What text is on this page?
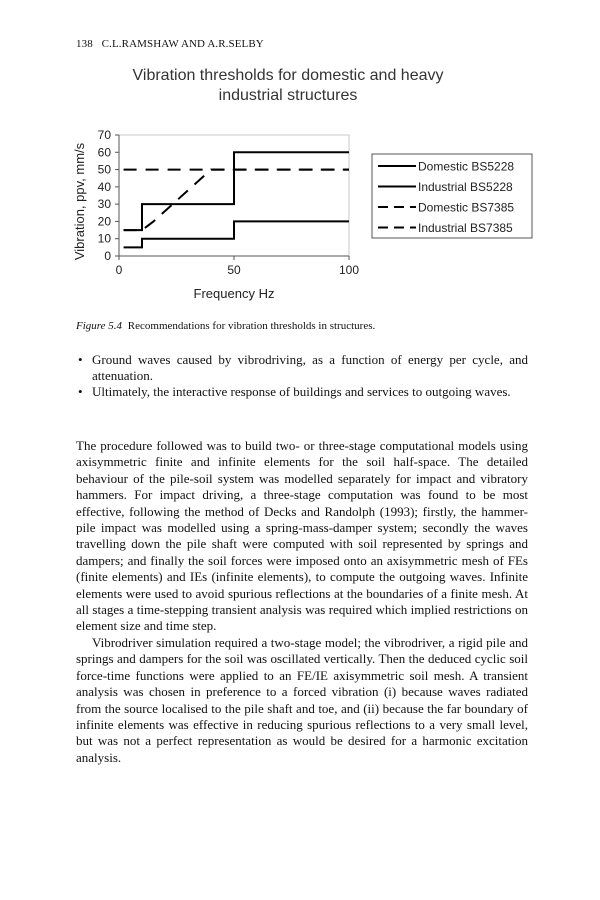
138 C.L.RAMSHAW AND A.R.SELBY
Vibration thresholds for domestic and heavy
industrial structures
0
10
20
30
40
50
60
70
0	50	100
Frequency Hz
Vibration, ppv, mm/s	Domestic BS5228
Industrial BS5228
Domestic BS7385
Industrial BS7385
Figure 5.4 Recommendations for vibration thresholds in structures.
• Ground waves caused by vibrodriving, as a function of energy per cycle, and attenuation.
• Ultimately, the interactive response of buildings and services to outgoing waves.

The procedure followed was to build two- or three-stage computational models using axisymmetric finite and infinite elements for the soil half-space. The detailed behaviour of the pile-soil system was modelled separately for impact and vibratory hammers. For impact driving, a three-stage computation was found to be most effective, following the method of Decks and Randolph (1993); firstly, the hammer-pile impact was modelled using a spring-mass-damper system; secondly the waves travelling down the pile shaft were computed with soil represented by springs and dampers; and finally the soil forces were imposed onto an axisymmetric mesh of FEs (finite elements) and IEs (infinite elements), to compute the outgoing waves. Infinite elements were used to avoid spurious reflections at the boundaries of a finite mesh. At all stages a time-stepping transient analysis was required which implied restrictions on element size and time step.

Vibrodriver simulation required a two-stage model; the vibrodriver, a rigid pile and springs and dampers for the soil was oscillated vertically. Then the deduced cyclic soil force-time functions were applied to an FE/IE axisymmetric soil mesh. A transient analysis was chosen in preference to a forced vibration (i) because waves radiated from the source localised to the pile shaft and toe, and (ii) because the far boundary of infinite elements was effective in reducing spurious reflections to a very small level, but was not a perfect representation as would be desired for a harmonic excitation analysis.
